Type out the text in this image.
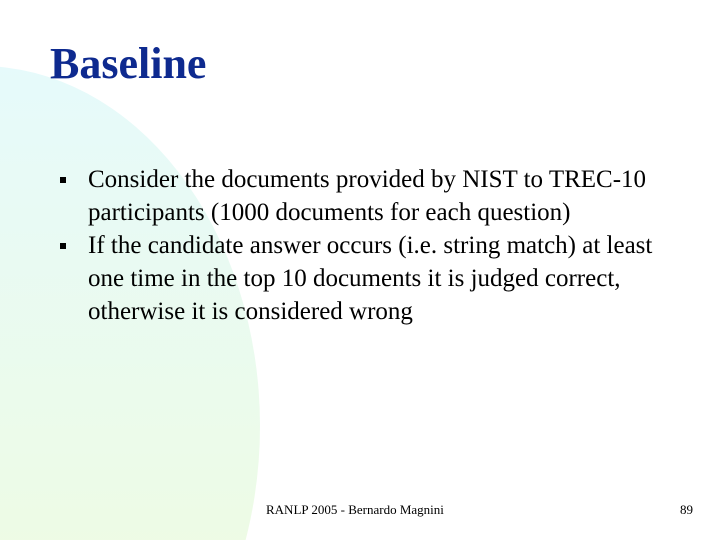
Baseline
Consider the documents provided by NIST to TREC-10 participants (1000 documents for each question)
If the candidate answer occurs (i.e. string match) at least one time in the top 10 documents it is judged correct, otherwise it is considered wrong
RANLP 2005 - Bernardo Magnini	89
